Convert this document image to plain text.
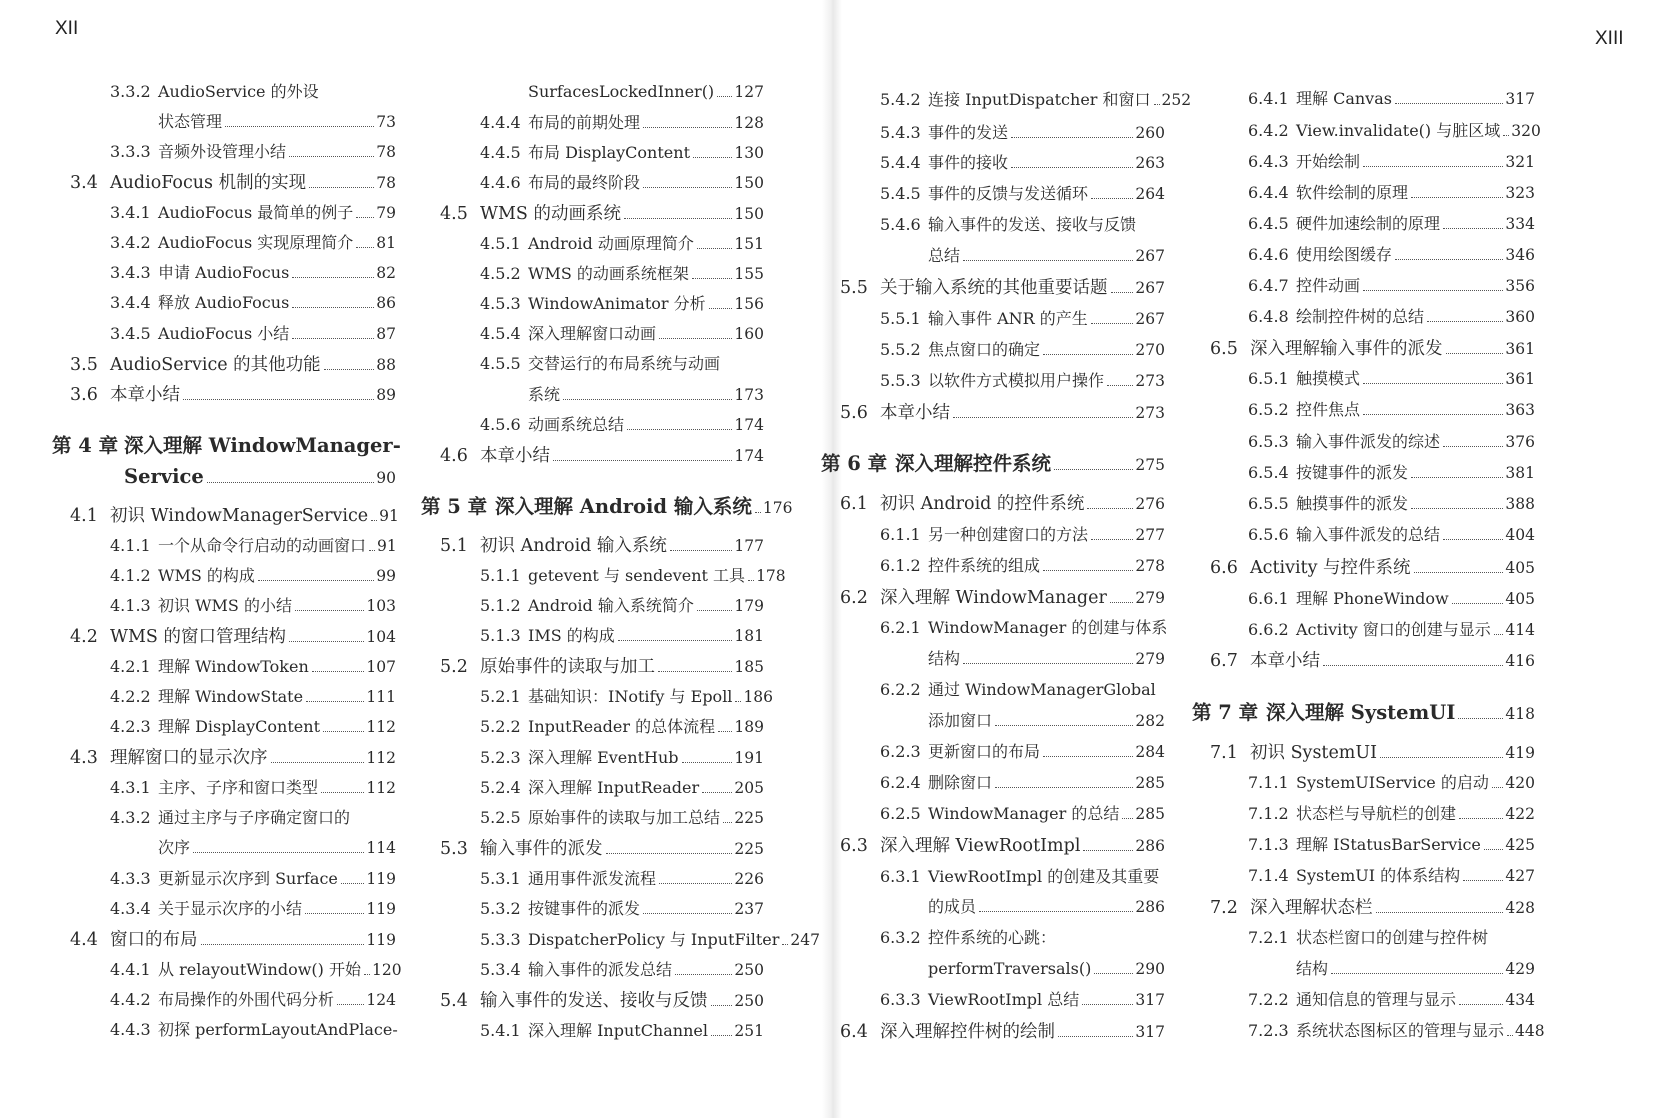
XII	XIII
3.3.2 AudioService 的外设
状态管理	73
3.3.3 音频外设管理小结	78
3.4 AudioFocus 机制的实现	78
3.4.1 AudioFocus 最简单的例子 79
3.4.2 AudioFocus 实现原理简介 81
3.4.3 申请 AudioFocus	82
3.4.4 释放 AudioFocus	86
3.4.5 AudioFocus 小结	87
3.5 AudioService 的其他功能	88
3.6 本章小结	89
第 4 章 深入理解 WindowManager-
Service	90
4.1 初识 WindowManagerService 91
4.1.1 一个从命令行启动的动画窗口 91
4.1.2 WMS 的构成	99
4.1.3 初识 WMS 的小结	103
4.2 WMS 的窗口管理结构	104
4.2.1 理解 WindowToken	107
4.2.2 理解 WindowState	111
4.2.3 理解 DisplayContent	112
4.3 理解窗口的显示次序	112
4.3.1 主序、子序和窗口类型	112
4.3.2 通过主序与子序确定窗口的
次序	114
4.3.3 更新显示次序到 Surface 119
4.3.4 关于显示次序的小结	119
4.4 窗口的布局	119
4.4.1 从 relayoutWindow() 开始 120
4.4.2 布局操作的外围代码分析 124
4.4.3 初探 performLayoutAndPlace-
SurfacesLockedInner() 127
4.4.4 布局的前期处理	128
4.4.5 布局 DisplayContent	130
4.4.6 布局的最终阶段	150
4.5 WMS 的动画系统	150
4.5.1 Android 动画原理简介	151
4.5.2 WMS 的动画系统框架	155
4.5.3 WindowAnimator 分析 156
4.5.4 深入理解窗口动画	160
4.5.5 交替运行的布局系统与动画
系统	173
4.5.6 动画系统总结	174
4.6 本章小结	174
第 5 章 深入理解 Android 输入系统 176
5.1 初识 Android 输入系统	177
5.1.1 getevent 与 sendevent 工具 178
5.1.2 Android 输入系统简介	179
5.1.3 IMS 的构成	181
5.2 原始事件的读取与加工	185
5.2.1 基础知识：INotify 与 Epoll 186
5.2.2 InputReader 的总体流程 189
5.2.3 深入理解 EventHub	191
5.2.4 深入理解 InputReader 205
5.2.5 原始事件的读取与加工总结 225
5.3 输入事件的派发	225
5.3.1 通用事件派发流程	226
5.3.2 按键事件的派发	237
5.3.3 DispatcherPolicy 与 InputFilter 247
5.3.4 输入事件的派发总结	250
5.4 输入事件的发送、接收与反馈 250
5.4.1 深入理解 InputChannel 251
5.4.2 连接 InputDispatcher 和窗口 252
5.4.3 事件的发送	260
5.4.4 事件的接收	263
5.4.5 事件的反馈与发送循环	264
5.4.6 输入事件的发送、接收与反馈
总结	267
5.5 关于输入系统的其他重要话题 267
5.5.1 输入事件 ANR 的产生	267
5.5.2 焦点窗口的确定	270
5.5.3 以软件方式模拟用户操作 273
5.6 本章小结	273
第 6 章 深入理解控件系统	275
6.1 初识 Android 的控件系统	276
6.1.1 另一种创建窗口的方法	277
6.1.2 控件系统的组成	278
6.2 深入理解 WindowManager 279
6.2.1 WindowManager 的创建与体系
结构	279
6.2.2 通过 WindowManagerGlobal
添加窗口	282
6.2.3 更新窗口的布局	284
6.2.4 删除窗口	285
6.2.5 WindowManager 的总结 285
6.3 深入理解 ViewRootImpl	286
6.3.1 ViewRootImpl 的创建及其重要
的成员	286
6.3.2 控件系统的心跳：
performTraversals()	290
6.3.3 ViewRootImpl 总结	317
6.4 深入理解控件树的绘制	317
6.4.1 理解 Canvas	317
6.4.2 View.invalidate() 与脏区域 320
6.4.3 开始绘制	321
6.4.4 软件绘制的原理	323
6.4.5 硬件加速绘制的原理	334
6.4.6 使用绘图缓存	346
6.4.7 控件动画	356
6.4.8 绘制控件树的总结	360
6.5 深入理解输入事件的派发	361
6.5.1 触摸模式	361
6.5.2 控件焦点	363
6.5.3 输入事件派发的综述	376
6.5.4 按键事件的派发	381
6.5.5 触摸事件的派发	388
6.5.6 输入事件派发的总结	404
6.6 Activity 与控件系统	405
6.6.1 理解 PhoneWindow	405
6.6.2 Activity 窗口的创建与显示 414
6.7 本章小结	416
第 7 章 深入理解 SystemUI	418
7.1 初识 SystemUI	419
7.1.1 SystemUIService 的启动 420
7.1.2 状态栏与导航栏的创建	422
7.1.3 理解 IStatusBarService 425
7.1.4 SystemUI 的体系结构	427
7.2 深入理解状态栏	428
7.2.1 状态栏窗口的创建与控件树
结构	429
7.2.2 通知信息的管理与显示	434
7.2.3 系统状态图标区的管理与显示 448
